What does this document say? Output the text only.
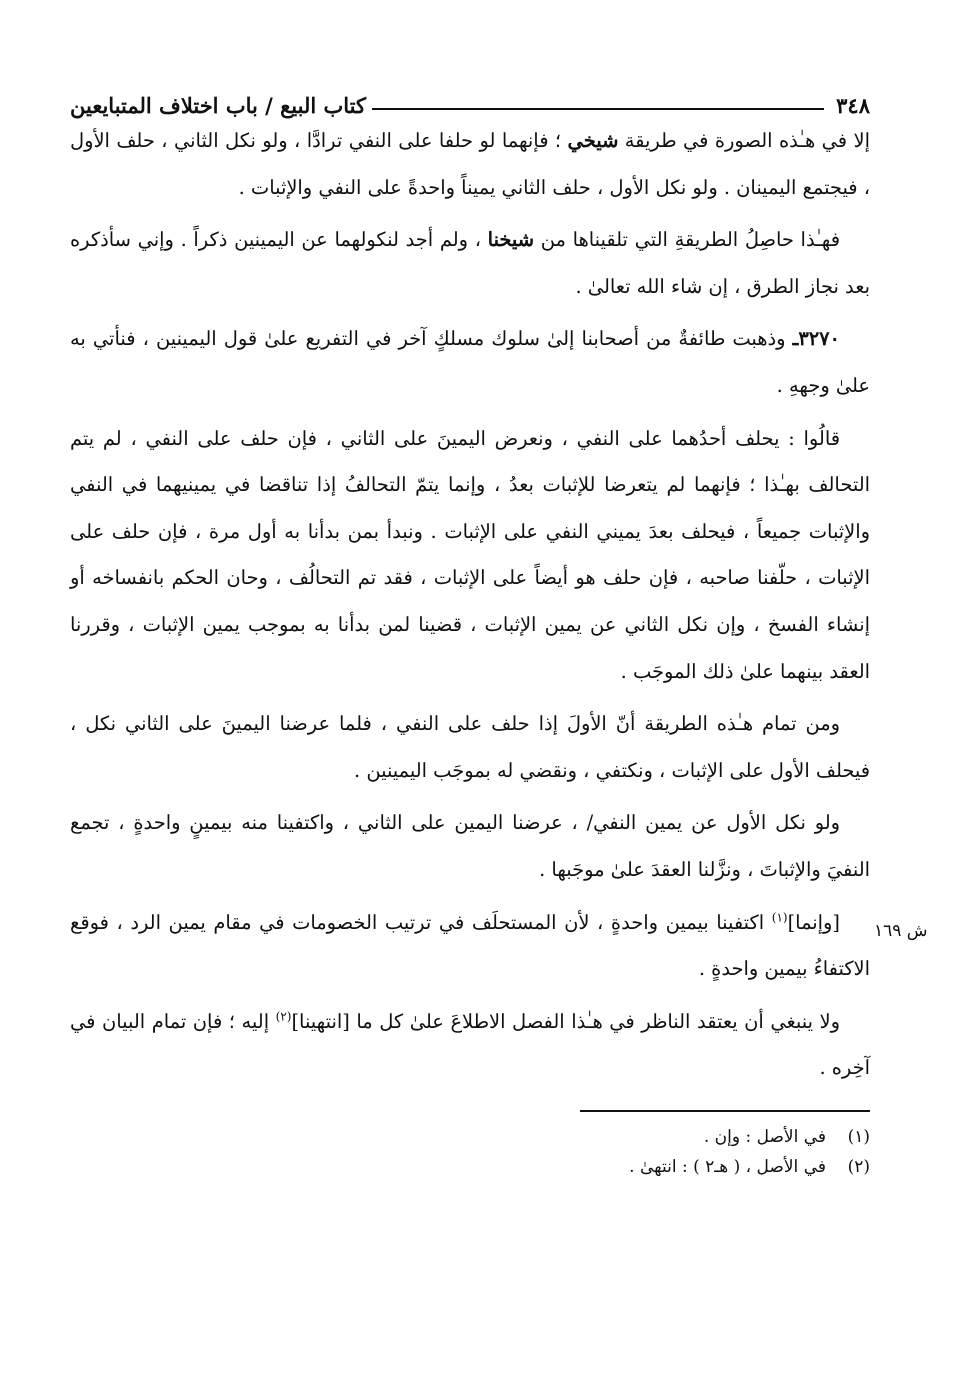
ش ١٦٩
٣٤٨
كتاب البيع / باب اختلاف المتبايعين

إلا في هـٰذه الصورة في طريقة شيخي ؛ فإنهما لو حلفا على النفي ترادَّا ، ولو نكل الثاني ، حلف الأول ، فيجتمع اليمينان . ولو نكل الأول ، حلف الثاني يميناً واحدةً على النفي والإثبات .

فهـٰذا حاصِلُ الطريقةِ التي تلقيناها من شيخنا ، ولم أجد لنكولهما عن اليمينين ذكراً . وإني سأذكره بعد نجاز الطرق ، إن شاء الله تعالىٰ .

٣٢٧٠ـ وذهبت طائفةٌ من أصحابنا إلىٰ سلوك مسلكٍ آخر في التفريع علىٰ قول اليمينين ، فنأتي به علىٰ وجههِ .

قالُوا : يحلف أحدُهما على النفي ، ونعرض اليمينَ على الثاني ، فإن حلف على النفي ، لم يتم التحالف بهـٰذا ؛ فإنهما لم يتعرضا للإثبات بعدُ ، وإنما يتمّ التحالفُ إذا تناقضا في يمينيهما في النفي والإثبات جميعاً ، فيحلف بعدَ يميني النفي على الإثبات . ونبدأ بمن بدأنا به أول مرة ، فإن حلف على الإثبات ، حلّفنا صاحبه ، فإن حلف هو أيضاً على الإثبات ، فقد تم التحالُف ، وحان الحكم بانفساخه أو إنشاء الفسخ ، وإن نكل الثاني عن يمين الإثبات ، قضينا لمن بدأنا به بموجب يمين الإثبات ، وقررنا العقد بينهما علىٰ ذلك الموجَب .

ومن تمام هـٰذه الطريقة أنّ الأولَ إذا حلف على النفي ، فلما عرضنا اليمينَ على الثاني نكل ، فيحلف الأول على الإثبات ، ونكتفي ، ونقضي له بموجَب اليمينين .

ولو نكل الأول عن يمين النفي/ ، عرضنا اليمين على الثاني ، واكتفينا منه بيمينٍ واحدةٍ ، تجمع النفيَ والإثباتَ ، ونزَّلنا العقدَ علىٰ موجَبها .

[وإنما]$^{(١)}$ اكتفينا بيمين واحدةٍ ، لأن المستحلَف في ترتيب الخصومات في مقام يمين الرد ، فوقع الاكتفاءُ بيمين واحدةٍ .

ولا ينبغي أن يعتقد الناظر في هـٰذا الفصل الاطلاعَ علىٰ كل ما [انتهينا]$^{(٢)}$ إليه ؛ فإن تمام البيان في آخِره .

(١)في الأصل : وإن .
(٢)في الأصل ، ( هـ٢ ) : انتهىٰ .
